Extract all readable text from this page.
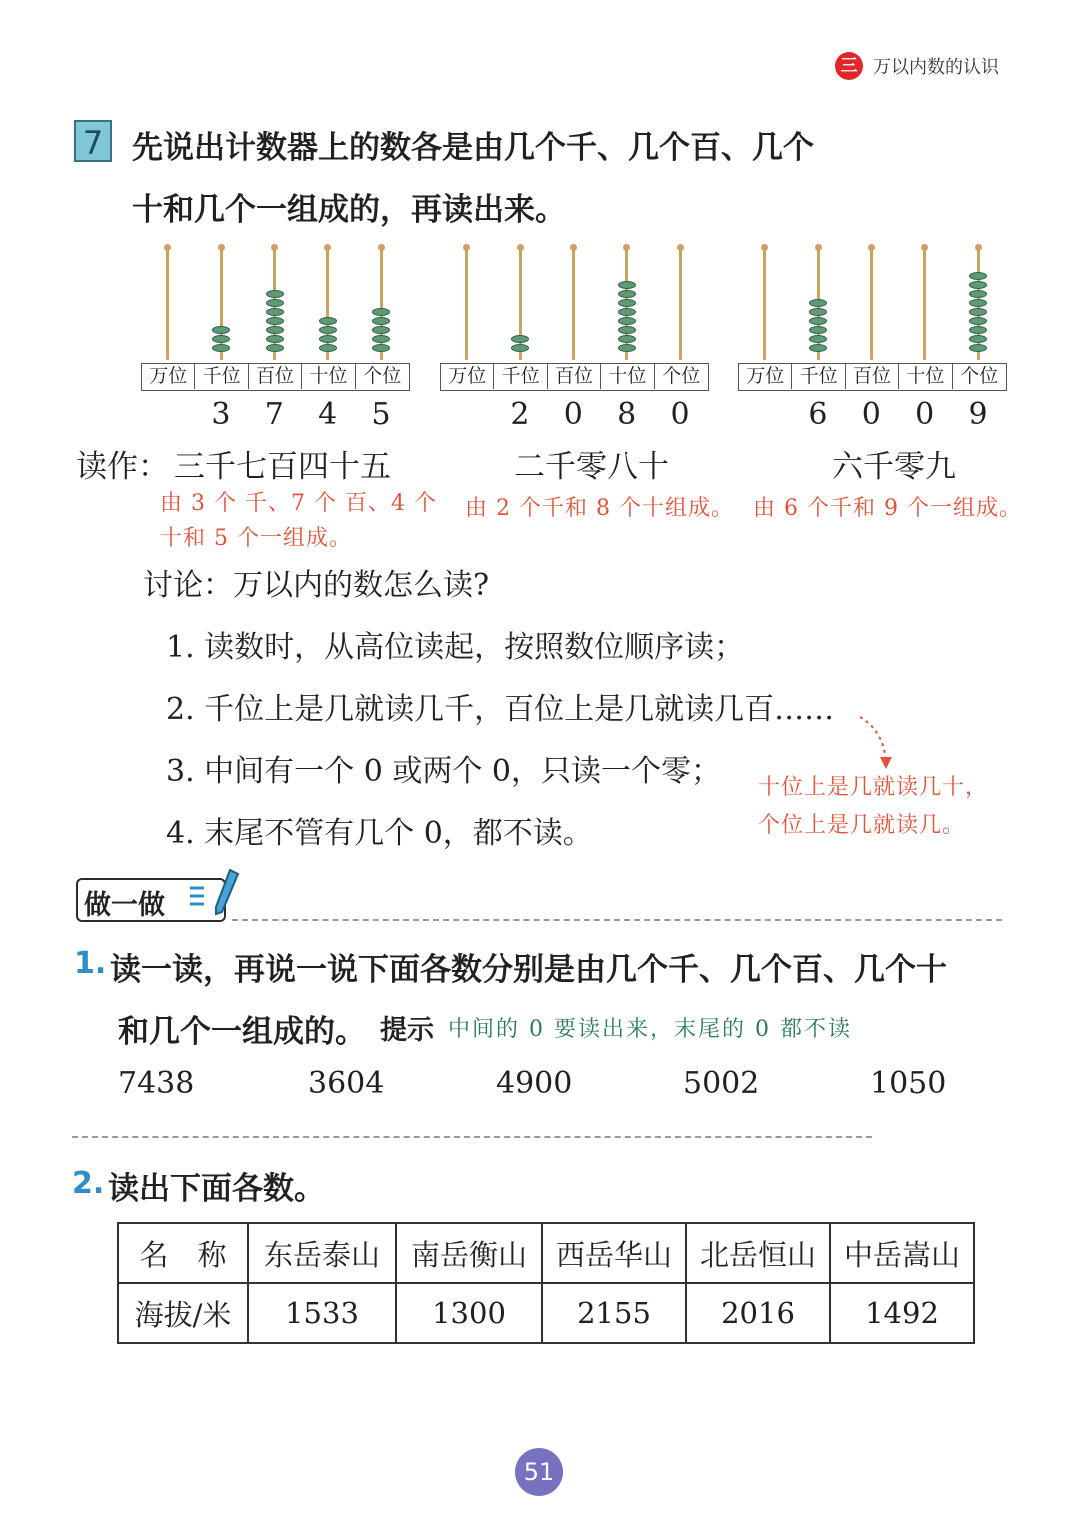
三 万以内数的认识
7 先说出计数器上的数各是由几个千、几个百、几个
十和几个一组成的，再读出来。
万位 千位 百位 十位 个位
3	7	4	5
万位 千位 百位 十位 个位
2	0	8	0
万位 千位 百位 十位 个位
6	0	0	9
读作： 三千七百四十五	二千零八十	六千零九
由 3 个 千、7 个 百、4 个
十和 5 个一组成。
由 2 个千和 8 个十组成。 由 6 个千和 9 个一组成。
讨论：万以内的数怎么读?
1. 读数时，从高位读起，按照数位顺序读；
2. 千位上是几就读几千，百位上是几就读几百……
3. 中间有一个 0 或两个 0，只读一个零；
4. 末尾不管有几个 0，都不读。
十位上是几就读几十，
个位上是几就读几。
做一做
1. 读一读，再说一说下面各数分别是由几个千、几个百、几个十
和几个一组成的。 提示 中间的 0 要读出来，末尾的 0 都不读
7438	3604	4900	5002	1050
2. 读出下面各数。
名　称	东岳泰山	南岳衡山	西岳华山	北岳恒山	中岳嵩山
海拔/米	1533	1300	2155	2016	1492
51
